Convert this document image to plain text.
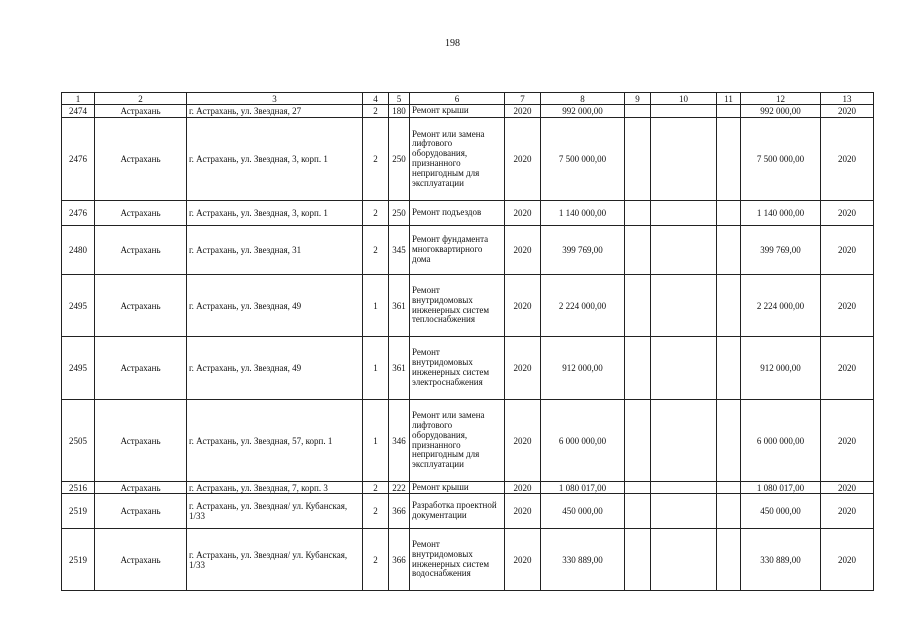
198
1	2	3	4	5	6	7	8	9	10	11	12	13
2474	Астрахань	г. Астрахань, ул. Звездная, 27	2	180	Ремонт крыши	2020	992 000,00				992 000,00	2020
2476	Астрахань	г. Астрахань, ул. Звездная, 3, корп. 1	2	250	Ремонт или замена лифтового оборудования, признанного непригодным для эксплуатации	2020	7 500 000,00				7 500 000,00	2020
2476	Астрахань	г. Астрахань, ул. Звездная, 3, корп. 1	2	250	Ремонт подъездов	2020	1 140 000,00				1 140 000,00	2020
2480	Астрахань	г. Астрахань, ул. Звездная, 31	2	345	Ремонт фундамента многоквартирного дома	2020	399 769,00				399 769,00	2020
2495	Астрахань	г. Астрахань, ул. Звездная, 49	1	361	Ремонт внутридомовых инженерных систем теплоснабжения	2020	2 224 000,00				2 224 000,00	2020
2495	Астрахань	г. Астрахань, ул. Звездная, 49	1	361	Ремонт внутридомовых инженерных систем электроснабжения	2020	912 000,00				912 000,00	2020
2505	Астрахань	г. Астрахань, ул. Звездная, 57, корп. 1	1	346	Ремонт или замена лифтового оборудования, признанного непригодным для эксплуатации	2020	6 000 000,00				6 000 000,00	2020
2516	Астрахань	г. Астрахань, ул. Звездная, 7, корп. 3	2	222	Ремонт крыши	2020	1 080 017,00				1 080 017,00	2020
2519	Астрахань	г. Астрахань, ул. Звездная/ ул. Кубанская, 1/33	2	366	Разработка проектной документации	2020	450 000,00				450 000,00	2020
2519	Астрахань	г. Астрахань, ул. Звездная/ ул. Кубанская, 1/33	2	366	Ремонт внутридомовых инженерных систем водоснабжения	2020	330 889,00				330 889,00	2020
